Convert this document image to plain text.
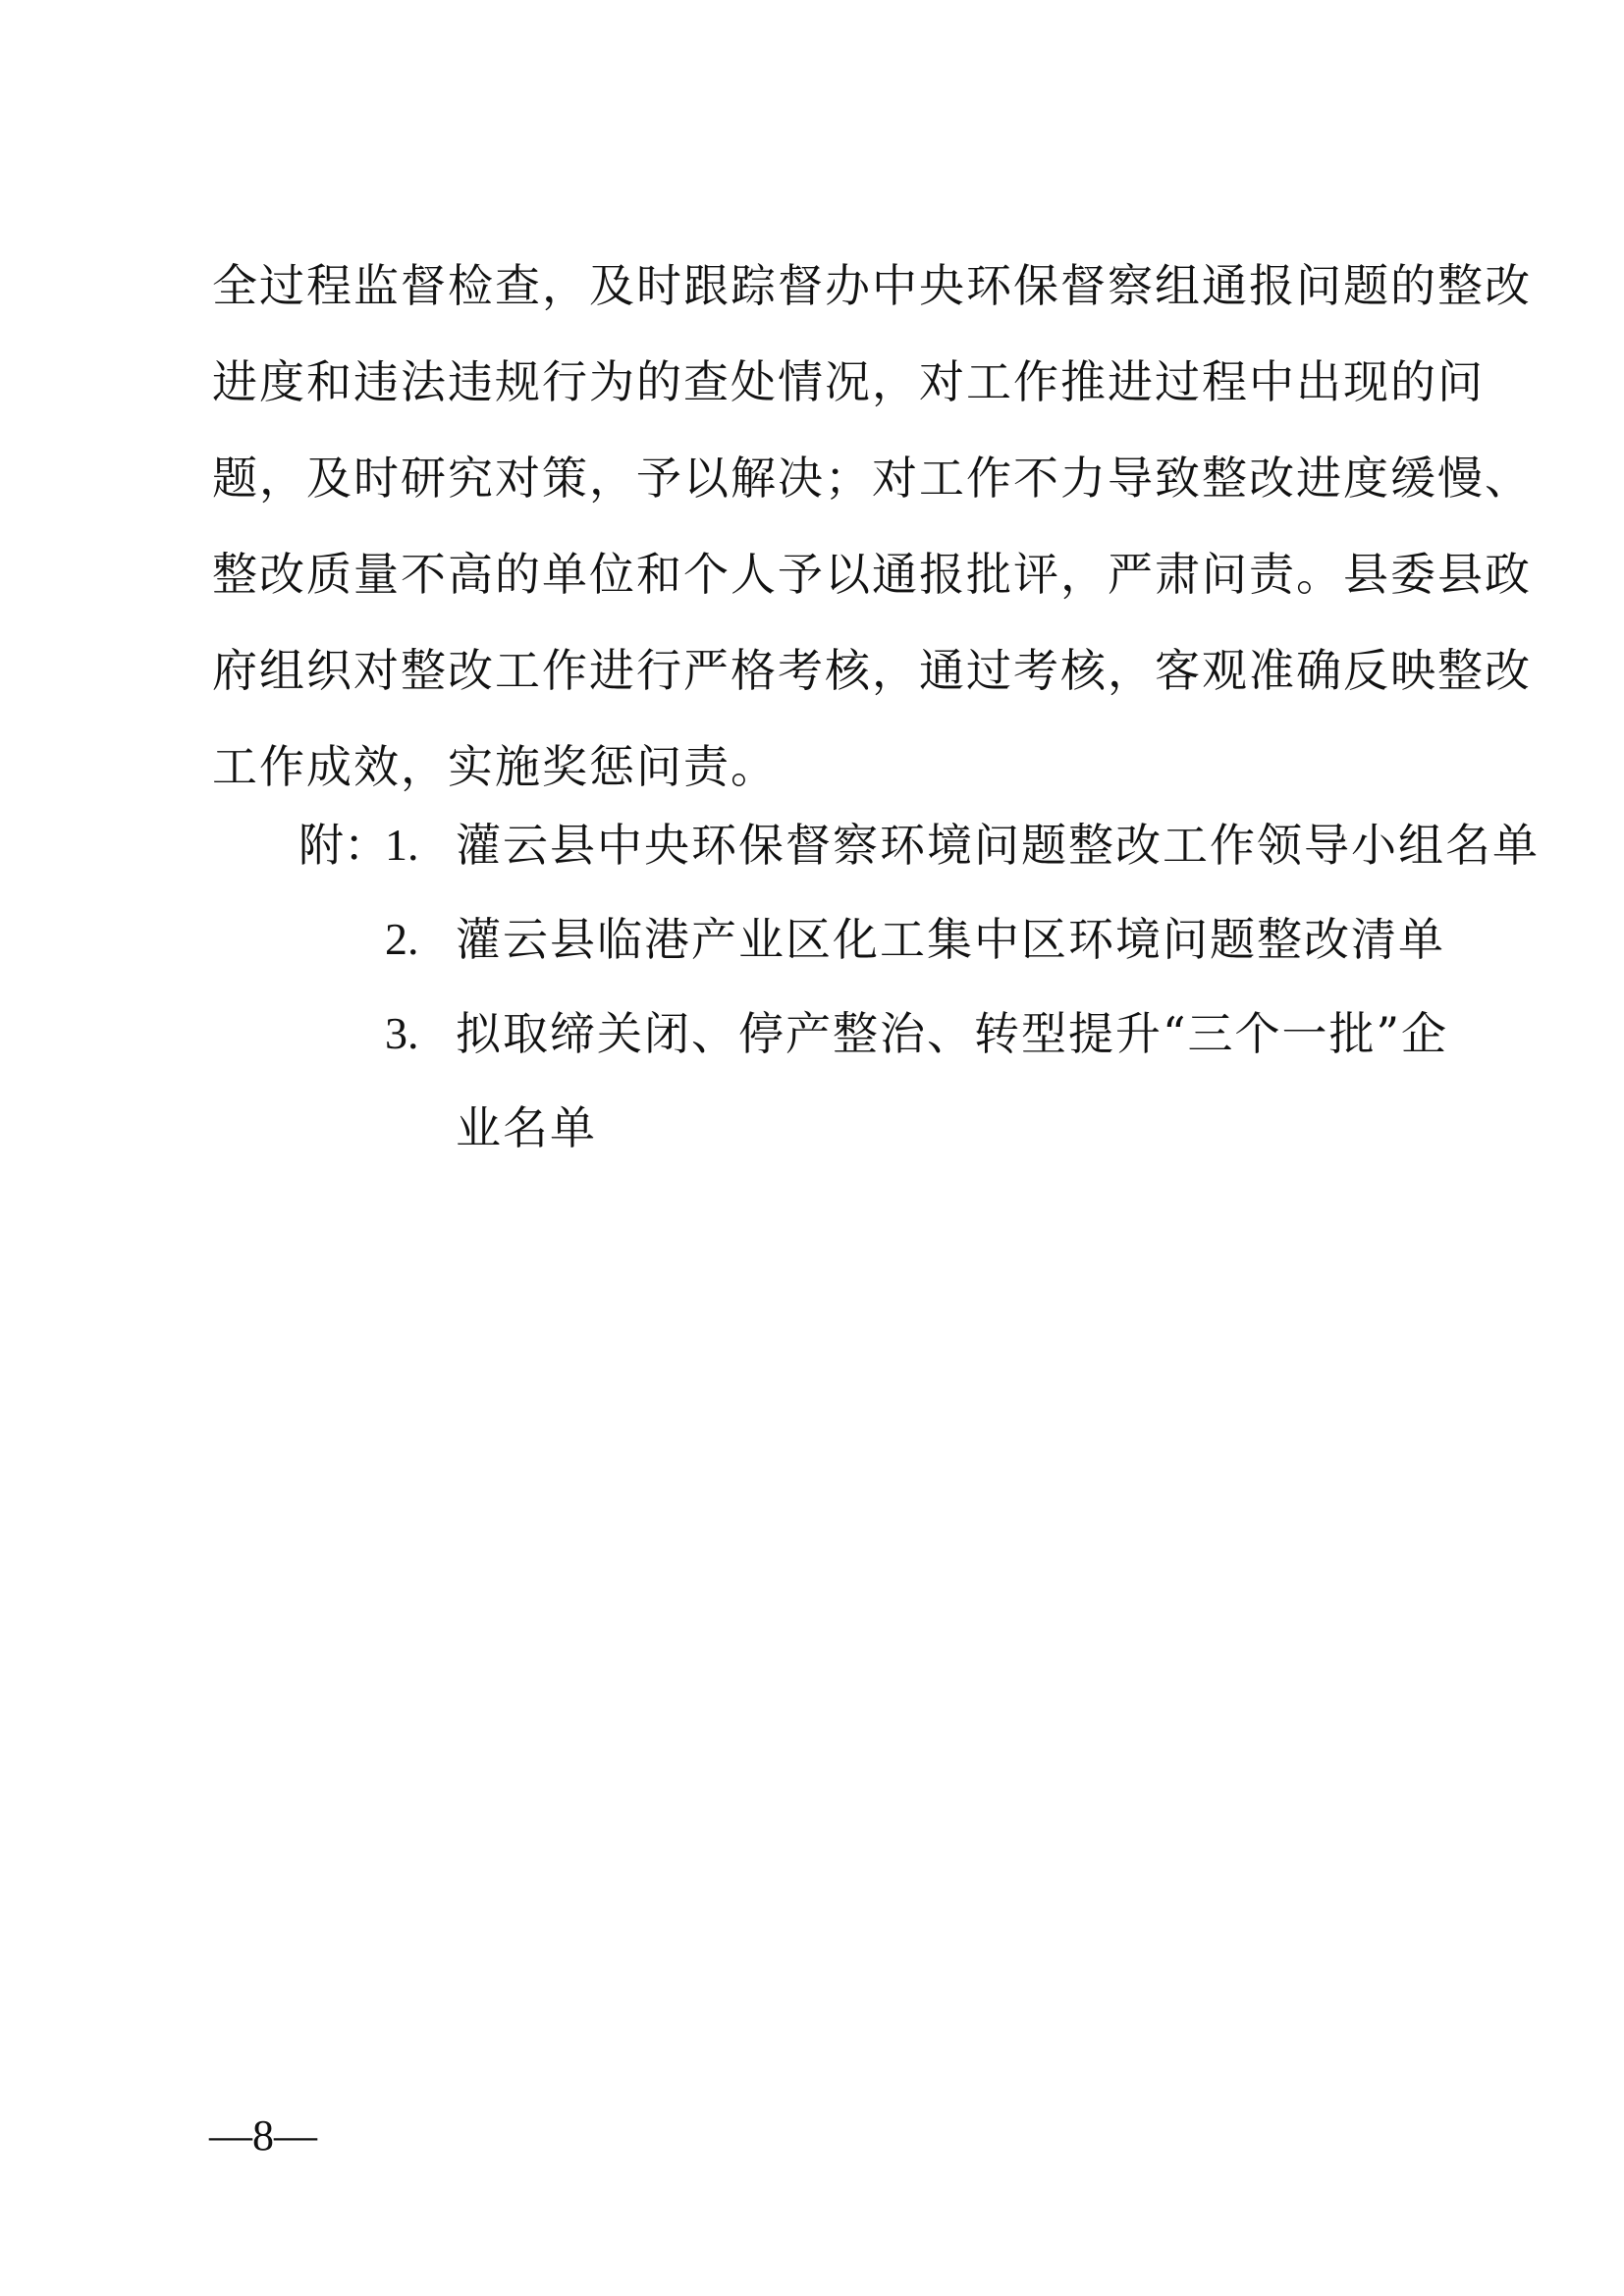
全过程监督检查，及时跟踪督办中央环保督察组通报问题的整改
进度和违法违规行为的查处情况，对工作推进过程中出现的问
题，及时研究对策，予以解决；对工作不力导致整改进度缓慢、
整改质量不高的单位和个人予以通报批评，严肃问责。县委县政
府组织对整改工作进行严格考核，通过考核，客观准确反映整改
工作成效，实施奖惩问责。
附：
1. 灌云县中央环保督察环境问题整改工作领导小组名单
2. 灌云县临港产业区化工集中区环境问题整改清单
3. 拟取缔关闭、停产整治、转型提升“三个一批”企
业名单
—8—
